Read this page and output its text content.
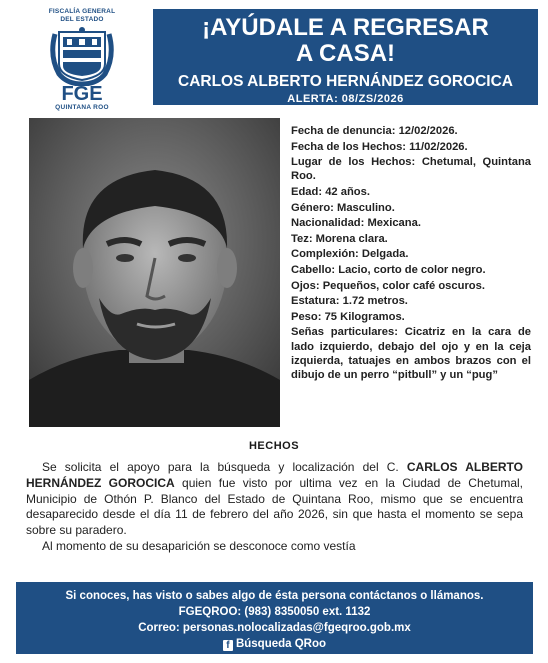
FISCALÍA GENERAL DEL ESTADO
FGE
QUINTANA ROO
¡AYÚDALE A REGRESAR
A CASA!
CARLOS ALBERTO HERNÁNDEZ GOROCICA
ALERTA: 08/ZS/2026
Fecha de denuncia: 12/02/2026.
Fecha de los Hechos: 11/02/2026.
Lugar de los Hechos: Chetumal, Quintana Roo.
Edad: 42 años.
Género: Masculino.
Nacionalidad: Mexicana.
Tez: Morena clara.
Complexión: Delgada.
Cabello: Lacio, corto de color negro.
Ojos: Pequeños, color café oscuros.
Estatura: 1.72 metros.
Peso: 75 Kilogramos.
Señas particulares: Cicatriz en la cara de lado izquierdo, debajo del ojo y en la ceja izquierda, tatuajes en ambos brazos con el dibujo de un perro “pitbull” y un “pug”
HECHOS

Se solicita el apoyo para la búsqueda y localización del C. CARLOS ALBERTO HERNÁNDEZ GOROCICA quien fue visto por ultima vez en la Ciudad de Chetumal, Municipio de Othón P. Blanco del Estado de Quintana Roo, mismo que se encuentra desaparecido desde el día 11 de febrero del año 2026, sin que hasta el momento se sepa sobre su paradero.

Al momento de su desaparición se desconoce como vestía

Si conoces, has visto o sabes algo de ésta persona contáctanos o llámanos.
FGEQROO: (983) 8350050 ext. 1132
Correo: personas.nolocalizadas@fgeqroo.gob.mx
f Búsqueda QRoo
